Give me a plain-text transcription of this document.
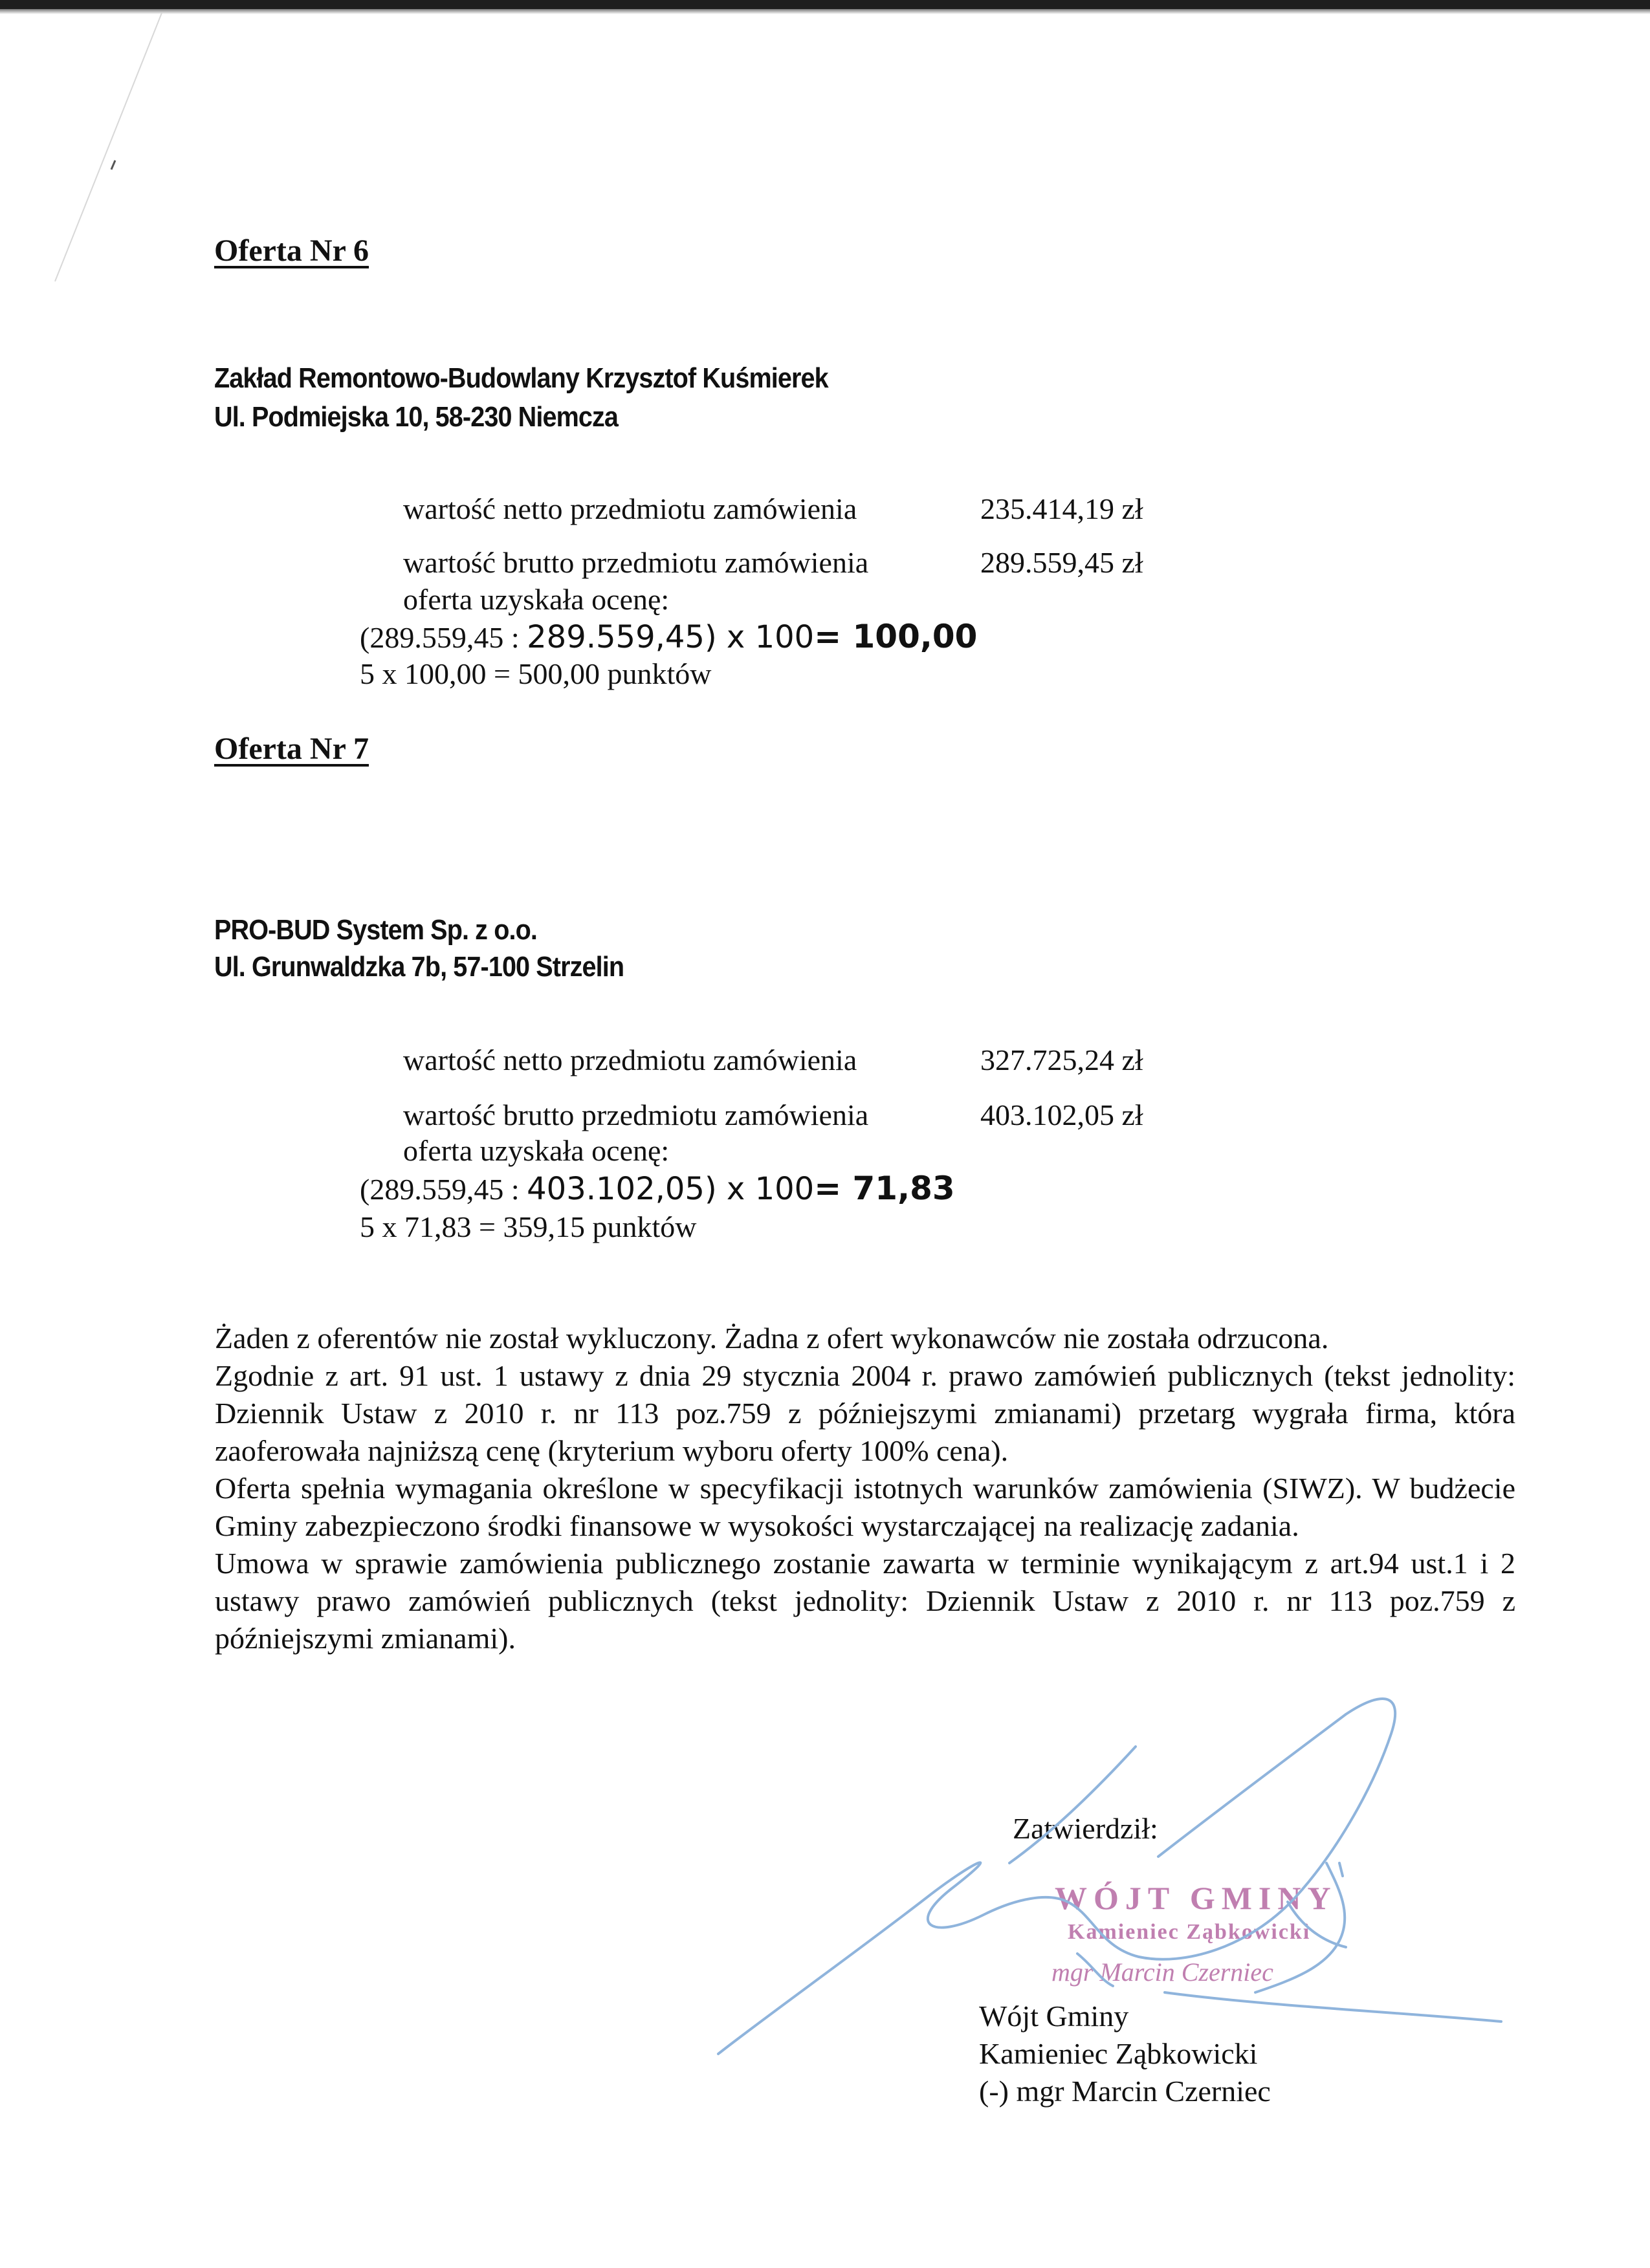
Oferta Nr 6
Zakład Remontowo-Budowlany Krzysztof Kuśmierek
Ul. Podmiejska 10, 58-230 Niemcza
wartość netto przedmiotu zamówienia	235.414,19 zł
wartość brutto przedmiotu zamówienia	289.559,45 zł
oferta uzyskała ocenę:
(289.559,45 : 289.559,45) x 100= 100,00
5 x 100,00 = 500,00 punktów
Oferta Nr 7
PRO-BUD System Sp. z o.o.
Ul. Grunwaldzka 7b, 57-100 Strzelin
wartość netto przedmiotu zamówienia	327.725,24 zł
wartość brutto przedmiotu zamówienia	403.102,05 zł
oferta uzyskała ocenę:
(289.559,45 : 403.102,05) x 100= 71,83
5 x 71,83 = 359,15 punktów

Żaden z oferentów nie został wykluczony. Żadna z ofert wykonawców nie została odrzucona.

Zgodnie z art. 91 ust. 1 ustawy z dnia 29 stycznia 2004 r. prawo zamówień publicznych (tekst jednolity: Dziennik Ustaw z 2010 r. nr 113 poz.759 z późniejszymi zmianami) przetarg wygrała firma, która zaoferowała najniższą cenę (kryterium wyboru oferty 100% cena).

Oferta spełnia wymagania określone w specyfikacji istotnych warunków zamówienia (SIWZ). W budżecie Gminy zabezpieczono środki finansowe w wysokości wystarczającej na realizację zadania.

Umowa w sprawie zamówienia publicznego zostanie zawarta w terminie wynikającym z art.94 ust.1 i 2 ustawy prawo zamówień publicznych (tekst jednolity: Dziennik Ustaw z 2010 r. nr 113 poz.759 z późniejszymi zmianami).

Zatwierdził:
Wójt Gminy
Kamieniec Ząbkowicki
(-) mgr Marcin Czerniec
WÓJT GMINY
Kamieniec Ząbkowicki
mgr Marcin Czerniec
